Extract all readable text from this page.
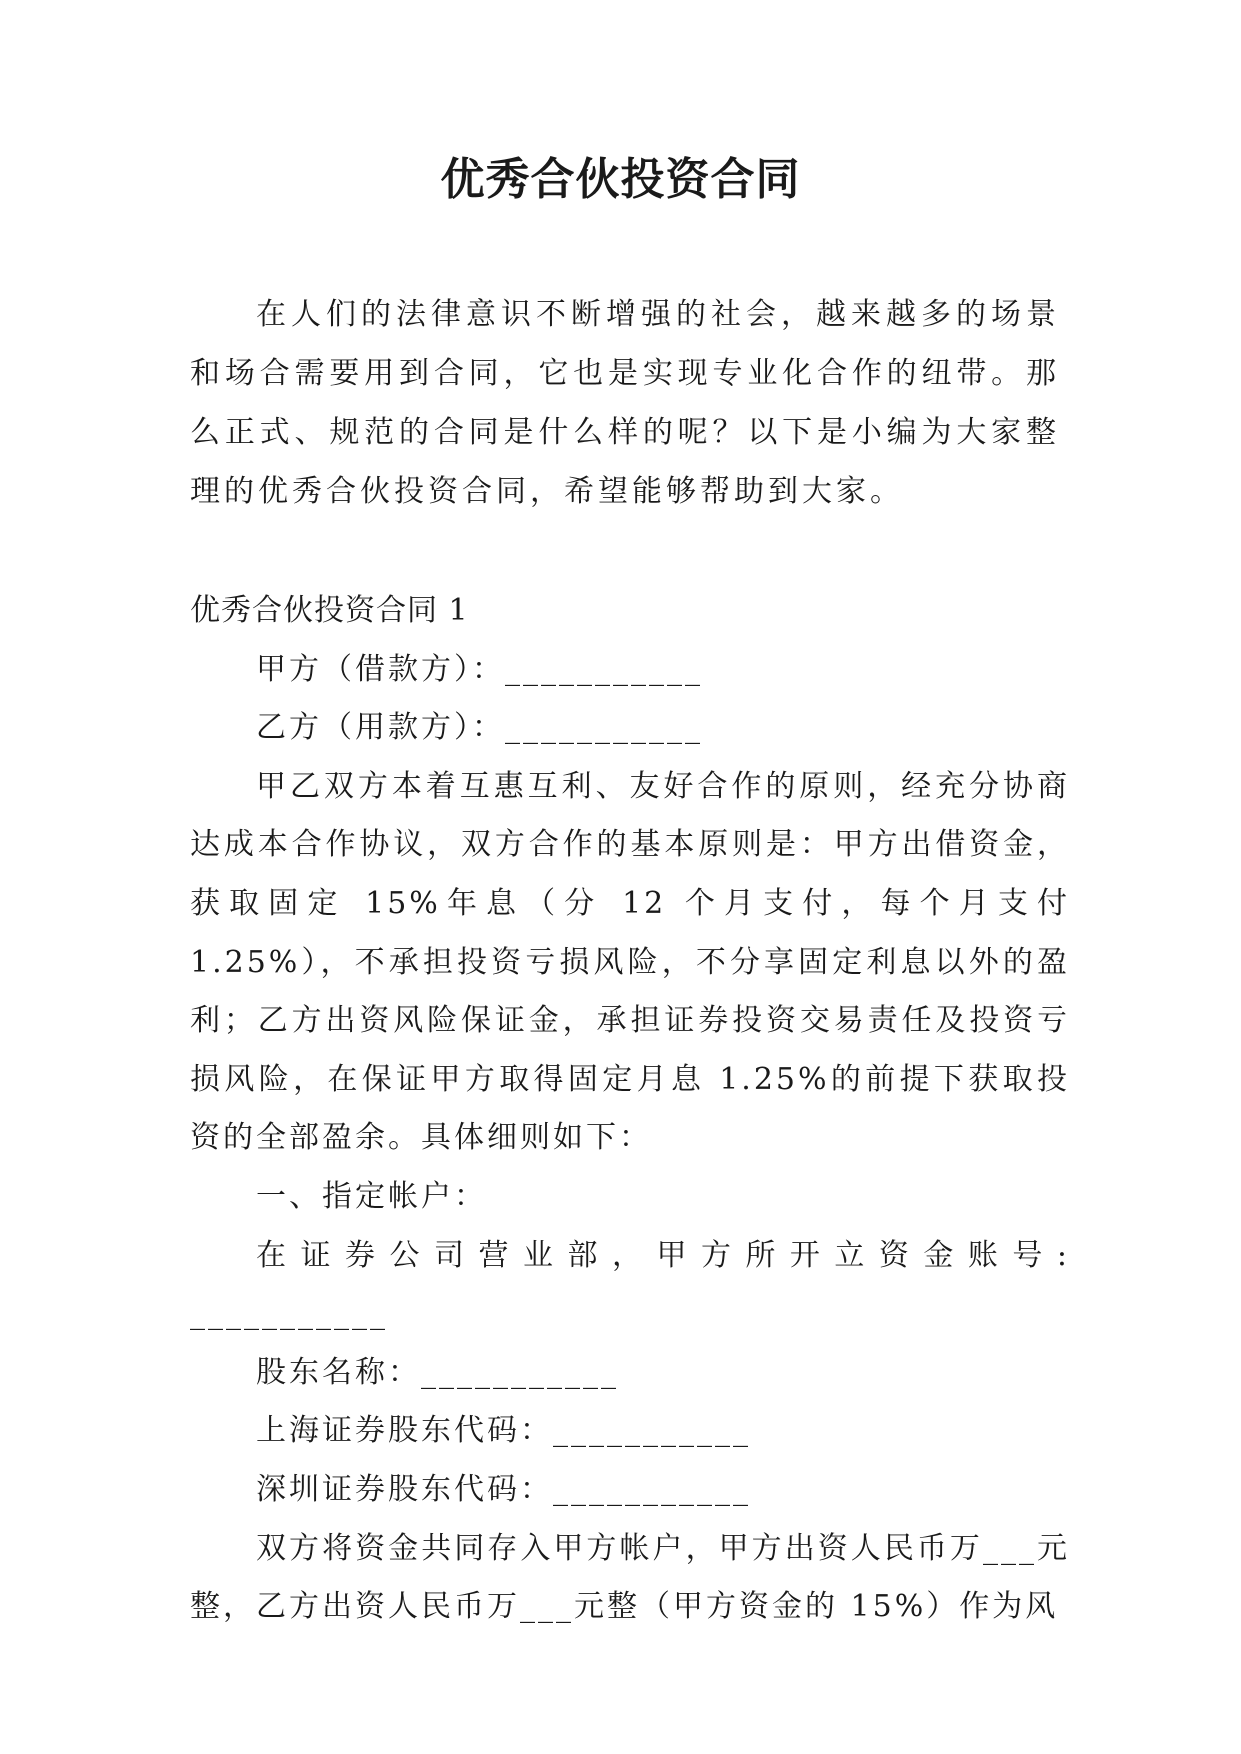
优秀合伙投资合同

在人们的法律意识不断增强的社会，越来越多的场景和场合需要用到合同，它也是实现专业化合作的纽带。那么正式、规范的合同是什么样的呢？以下是小编为大家整理的优秀合伙投资合同，希望能够帮助到大家。

优秀合伙投资合同 1

甲方（借款方）：___________

乙方（用款方）：___________

甲乙双方本着互惠互利、友好合作的原则，经充分协商达成本合作协议，双方合作的基本原则是：甲方出借资金，获取固定 15%年息（分 12 个月支付，每个月支付 1.25%），不承担投资亏损风险，不分享固定利息以外的盈利；乙方出资风险保证金，承担证券投资交易责任及投资亏损风险，在保证甲方取得固定月息 1.25%的前提下获取投资的全部盈余。具体细则如下：

一、指定帐户：

在证券公司营业部，甲方所开立资金账号: ___________

股东名称：___________

上海证券股东代码：___________

深圳证券股东代码：___________

双方将资金共同存入甲方帐户，甲方出资人民币万___元整，乙方出资人民币万___元整（甲方资金的 15%）作为风
